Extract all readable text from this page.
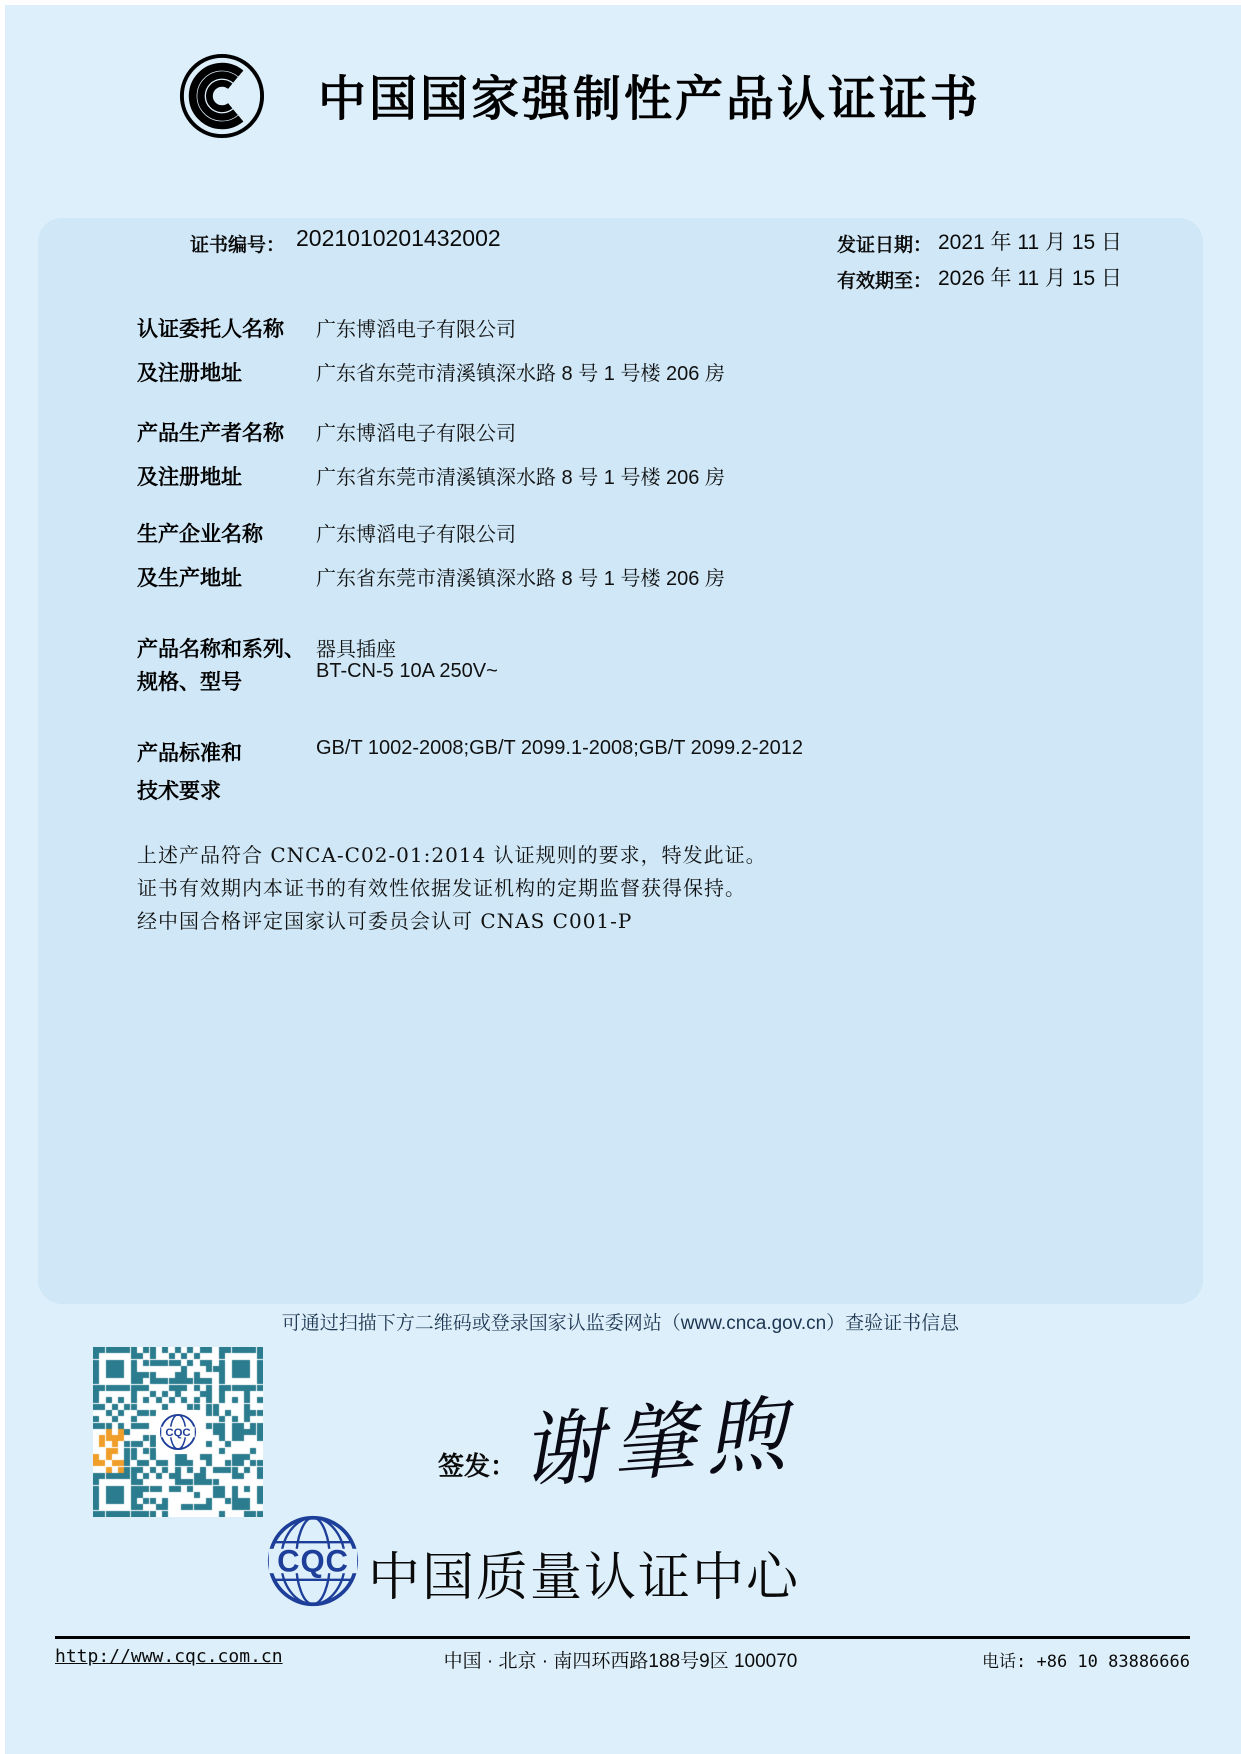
中国国家强制性产品认证证书
证书编号： 2021010201432002	发证日期： 2021 年 11 月 15 日
有效期至： 2026 年 11 月 15 日
认证委托人名称 广东博滔电子有限公司
及注册地址	广东省东莞市清溪镇深水路 8 号 1 号楼 206 房
产品生产者名称 广东博滔电子有限公司
及注册地址	广东省东莞市清溪镇深水路 8 号 1 号楼 206 房
生产企业名称	广东博滔电子有限公司
及生产地址	广东省东莞市清溪镇深水路 8 号 1 号楼 206 房
产品名称和系列、 器具插座
规格、型号	BT-CN-5 10A 250V~
产品标准和	GB/T 1002-2008;GB/T 2099.1-2008;GB/T 2099.2-2012
技术要求
上述产品符合 CNCA-C02-01:2014 认证规则的要求，特发此证。
证书有效期内本证书的有效性依据发证机构的定期监督获得保持。
经中国合格评定国家认可委员会认可 CNAS C001-P
可通过扫描下方二维码或登录国家认监委网站（www.cnca.gov.cn）查验证书信息
CQC
签发： 谢肇煦
CQC 中国质量认证中心
http://www.cqc.com.cn	中国 · 北京 · 南四环西路188号9区 100070	电话: +86 10 83886666
